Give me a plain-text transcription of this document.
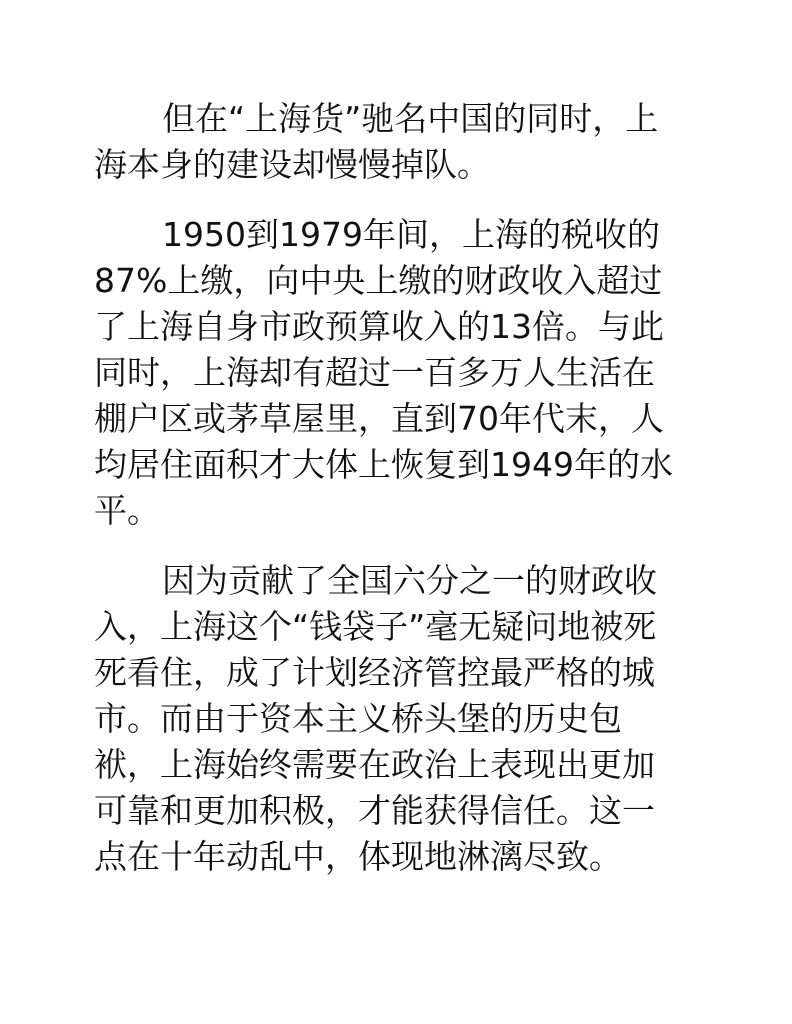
但在“上海货”驰名中国的同时，上
海本身的建设却慢慢掉队。

1950到1979年间，上海的税收的
87%上缴，向中央上缴的财政收入超过
了上海自身市政预算收入的13倍。与此
同时，上海却有超过一百多万人生活在
棚户区或茅草屋里，直到70年代末，人
均居住面积才大体上恢复到1949年的水
平。

因为贡献了全国六分之一的财政收
入，上海这个“钱袋子”毫无疑问地被死
死看住，成了计划经济管控最严格的城
市。而由于资本主义桥头堡的历史包
袱，上海始终需要在政治上表现出更加
可靠和更加积极，才能获得信任。这一
点在十年动乱中，体现地淋漓尽致。
